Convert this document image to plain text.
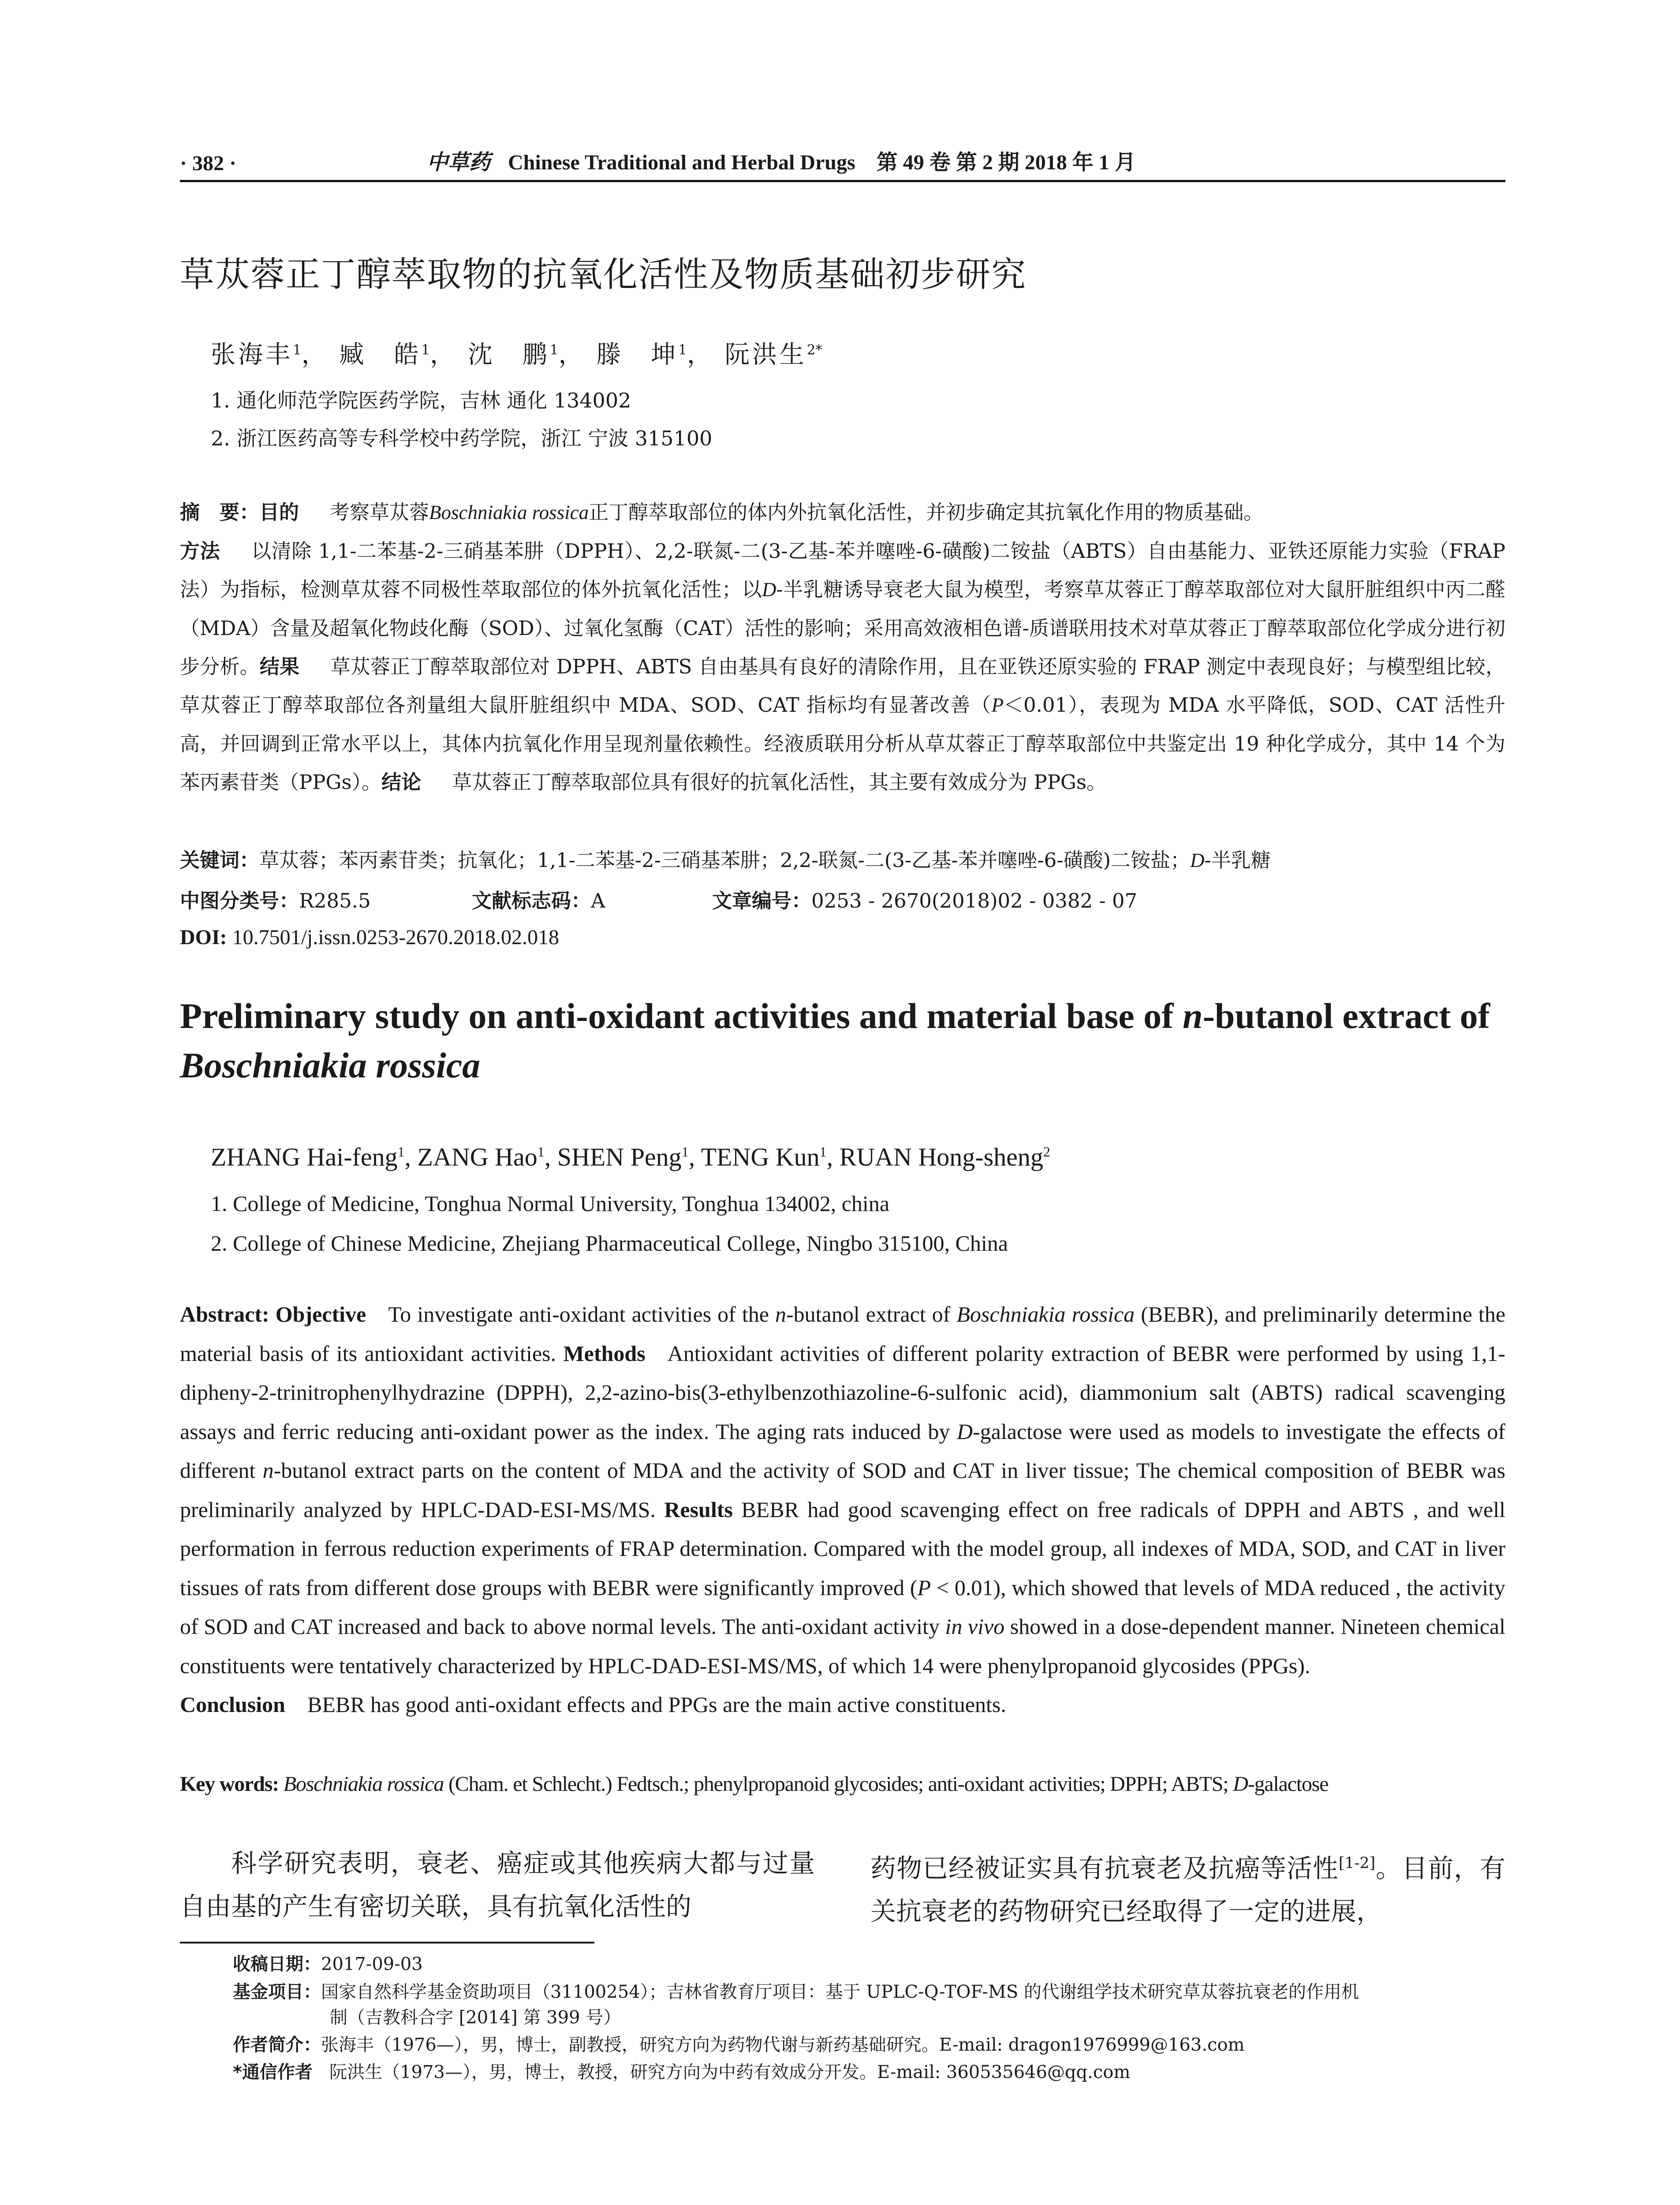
· 382 ·	中草药 Chinese Traditional and Herbal Drugs 第 49 卷 第 2 期 2018 年 1 月
草苁蓉正丁醇萃取物的抗氧化活性及物质基础初步研究
张海丰$^1$， 臧　皓$^1$， 沈　鹏$^1$， 滕　坤$^1$， 阮洪生$^{2*}$
1. 通化师范学院医药学院，吉林 通化 134002
2. 浙江医药高等专科学校中药学院，浙江 宁波 315100
摘　要：目的 考察草苁蓉Boschniakia rossica正丁醇萃取部位的体内外抗氧化活性，并初步确定其抗氧化作用的物质基础。
方法 以清除 1,1-二苯基-2-三硝基苯肼（DPPH）、2,2-联氮-二(3-乙基-苯并噻唑-6-磺酸)二铵盐（ABTS）自由基能力、亚铁还原能力实验（FRAP 法）为指标，检测草苁蓉不同极性萃取部位的体外抗氧化活性；以D-半乳糖诱导衰老大鼠为模型，考察草苁蓉正丁醇萃取部位对大鼠肝脏组织中丙二醛（MDA）含量及超氧化物歧化酶（SOD）、过氧化氢酶（CAT）活性的影响；采用高效液相色谱-质谱联用技术对草苁蓉正丁醇萃取部位化学成分进行初步分析。结果 草苁蓉正丁醇萃取部位对 DPPH、ABTS 自由基具有良好的清除作用，且在亚铁还原实验的 FRAP 测定中表现良好；与模型组比较，草苁蓉正丁醇萃取部位各剂量组大鼠肝脏组织中 MDA、SOD、CAT 指标均有显著改善（P＜0.01），表现为 MDA 水平降低，SOD、CAT 活性升高，并回调到正常水平以上，其体内抗氧化作用呈现剂量依赖性。经液质联用分析从草苁蓉正丁醇萃取部位中共鉴定出 19 种化学成分，其中 14 个为苯丙素苷类（PPGs）。结论 草苁蓉正丁醇萃取部位具有很好的抗氧化活性，其主要有效成分为 PPGs。
关键词：草苁蓉；苯丙素苷类；抗氧化；1,1-二苯基-2-三硝基苯肼；2,2-联氮-二(3-乙基-苯并噻唑-6-磺酸)二铵盐；D-半乳糖
中图分类号：R285.5	文献标志码：A	文章编号：0253 - 2670(2018)02 - 0382 - 07
DOI: 10.7501/j.issn.0253-2670.2018.02.018
Preliminary study on anti-oxidant activities and material base of n-butanol extract of
Boschniakia rossica
ZHANG Hai-feng$^1$, ZANG Hao$^1$, SHEN Peng$^1$, TENG Kun$^1$, RUAN Hong-sheng$^2$
1. College of Medicine, Tonghua Normal University, Tonghua 134002, china
2. College of Chinese Medicine, Zhejiang Pharmaceutical College, Ningbo 315100, China
Abstract: Objective To investigate anti-oxidant activities of the n-butanol extract of Boschniakia rossica (BEBR), and preliminarily determine the material basis of its antioxidant activities. Methods Antioxidant activities of different polarity extraction of BEBR were performed by using 1,1-dipheny-2-trinitrophenylhydrazine (DPPH), 2,2-azino-bis(3-ethylbenzothiazoline-6-sulfonic acid), diammonium salt (ABTS) radical scavenging assays and ferric reducing anti-oxidant power as the index. The aging rats induced by D-galactose were used as models to investigate the effects of different n-butanol extract parts on the content of MDA and the activity of SOD and CAT in liver tissue; The chemical composition of BEBR was preliminarily analyzed by HPLC-DAD-ESI-MS/MS. Results BEBR had good scavenging effect on free radicals of DPPH and ABTS , and well performation in ferrous reduction experiments of FRAP determination. Compared with the model group, all indexes of MDA, SOD, and CAT in liver tissues of rats from different dose groups with BEBR were significantly improved (P < 0.01), which showed that levels of MDA reduced , the activity of SOD and CAT increased and back to above normal levels. The anti-oxidant activity in vivo showed in a dose-dependent manner. Nineteen chemical constituents were tentatively characterized by HPLC-DAD-ESI-MS/MS, of which 14 were phenylpropanoid glycosides (PPGs).
Conclusion BEBR has good anti-oxidant effects and PPGs are the main active constituents.
Key words: Boschniakia rossica (Cham. et Schlecht.) Fedtsch.; phenylpropanoid glycosides; anti-oxidant activities; DPPH; ABTS; D-galactose
科学研究表明，衰老、癌症或其他疾病大都与过量自由基的产生有密切关联，具有抗氧化活性的
药物已经被证实具有抗衰老及抗癌等活性[1-2]。目前，有关抗衰老的药物研究已经取得了一定的进展，
收稿日期：2017-09-03
基金项目：国家自然科学基金资助项目（31100254）；吉林省教育厅项目：基于 UPLC-Q-TOF-MS 的代谢组学技术研究草苁蓉抗衰老的作用机
制（吉教科合字 [2014] 第 399 号）
作者简介：张海丰（1976—），男，博士，副教授，研究方向为药物代谢与新药基础研究。E-mail: dragon1976999@163.com
*通信作者 阮洪生（1973—），男，博士，教授，研究方向为中药有效成分开发。E-mail: 360535646@qq.com
